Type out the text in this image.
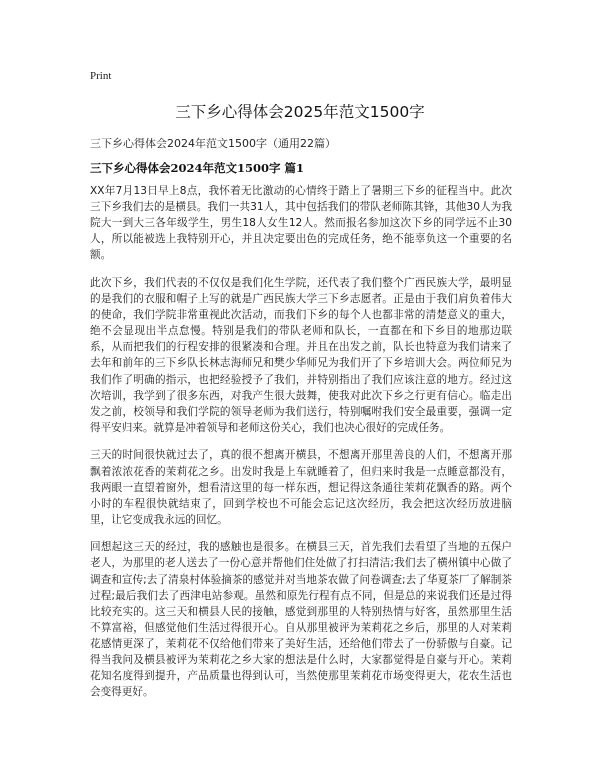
Print
三下乡心得体会2025年范文1500字
三下乡心得体会2024年范文1500字（通用22篇）
三下乡心得体会2024年范文1500字 篇1

XX年7月13日早上8点，我怀着无比激动的心情终于踏上了暑期三下乡的征程当中。此次三下乡我们去的是横县。我们一共31人，其中包括我们的带队老师陈其锋，其他30人为我院大一到大三各年级学生，男生18人女生12人。然而报名参加这次下乡的同学远不止30人，所以能被选上我特别开心，并且决定要出色的完成任务，绝不能辜负这一个重要的名额。

此次下乡，我们代表的不仅仅是我们化生学院，还代表了我们整个广西民族大学，最明显的是我们的衣服和帽子上写的就是广西民族大学三下乡志愿者。正是由于我们肩负着伟大的使命，我们学院非常重视此次活动，而我们下乡的每个人也都非常的清楚意义的重大，绝不会显现出半点怠慢。特别是我们的带队老师和队长，一直都在和下乡目的地那边联系，从而把我们的行程安排的很紧凑和合理。并且在出发之前，队长也特意为我们请来了去年和前年的三下乡队长林志海师兄和樊少华师兄为我们开了下乡培训大会。两位师兄为我们作了明确的指示，也把经验授予了我们，并特别指出了我们应该注意的地方。经过这次培训，我学到了很多东西，对我产生很大鼓舞，使我对此次下乡之行更有信心。临走出发之前，校领导和我们学院的领导老师为我们送行，特别嘱咐我们安全最重要，强调一定得平安归来。就算是冲着领导和老师这份关心，我们也决心很好的完成任务。

三天的时间很快就过去了，真的很不想离开横县，不想离开那里善良的人们，不想离开那飘着浓浓花香的茉莉花之乡。出发时我是上车就睡着了，但归来时我是一点睡意都没有，我两眼一直望着窗外，想看清这里的每一样东西，想记得这条通往茉莉花飘香的路。两个小时的车程很快就结束了，回到学校也不可能会忘记这次经历，我会把这次经历放进脑里，让它变成我永远的回忆。

回想起这三天的经过，我的感触也是很多。在横县三天，首先我们去看望了当地的五保户老人，为那里的老人送去了一份心意并帮他们住处做了打扫清洁;我们去了横州镇中心做了调查和宣传;去了清泉村体验摘茶的感觉并对当地茶农做了问卷调查;去了华夏茶厂了解制茶过程;最后我们去了西津电站参观。虽然和原先行程有点不同，但是总的来说我们还是过得比较充实的。这三天和横县人民的接触，感觉到那里的人特别热情与好客，虽然那里生活不算富裕，但感觉他们生活过得很开心。自从那里被评为茉莉花之乡后，那里的人对茉莉花感情更深了，茉莉花不仅给他们带来了美好生活，还给他们带去了一份骄傲与自豪。记得当我问及横县被评为茉莉花之乡大家的想法是什么时，大家都觉得是自豪与开心。茉莉花知名度得到提升，产品质量也得到认可，当然使那里茉莉花市场变得更大，花农生活也会变得更好。
